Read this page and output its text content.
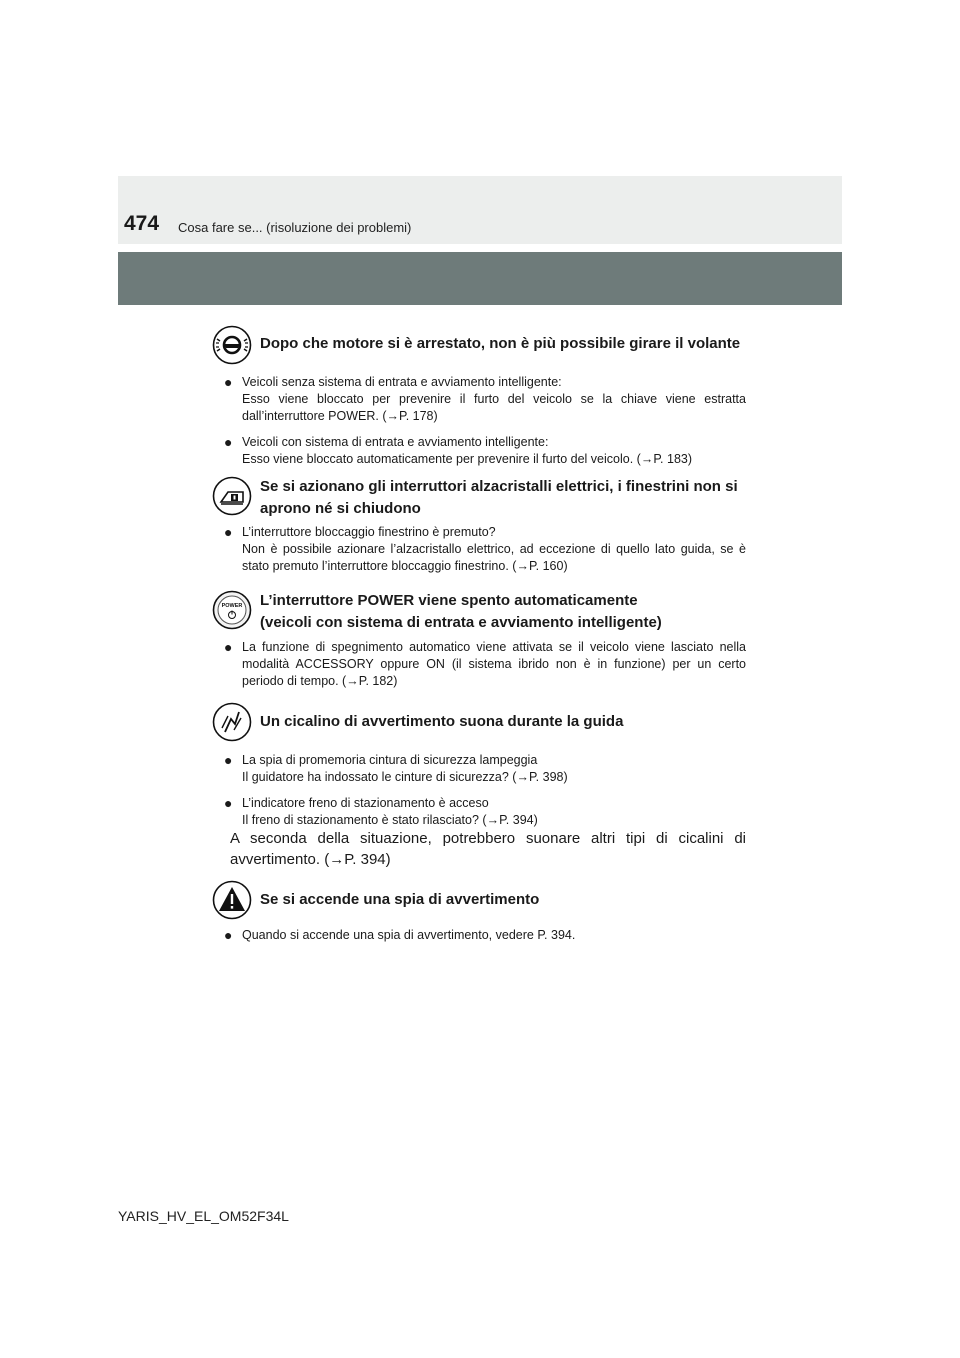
474 Cosa fare se... (risoluzione dei problemi)
Dopo che motore si è arrestato, non è più possibile girare il volante
● Veicoli senza sistema di entrata e avviamento intelligente:
Esso viene bloccato per prevenire il furto del veicolo se la chiave viene estratta dall’interruttore POWER. (→P. 178)
● Veicoli con sistema di entrata e avviamento intelligente:
Esso viene bloccato automaticamente per prevenire il furto del veicolo. (→P. 183)
Se si azionano gli interruttori alzacristalli elettrici, i finestrini non si aprono né si chiudono
● L’interruttore bloccaggio finestrino è premuto?
Non è possibile azionare l’alzacristallo elettrico, ad eccezione di quello lato guida, se è stato premuto l’interruttore bloccaggio finestrino. (→P. 160)
POWER L’interruttore POWER viene spento automaticamente
(veicoli con sistema di entrata e avviamento intelligente)
● La funzione di spegnimento automatico viene attivata se il veicolo viene lasciato nella modalità ACCESSORY oppure ON (il sistema ibrido non è in funzione) per un certo periodo di tempo. (→P. 182)
Un cicalino di avvertimento suona durante la guida
● La spia di promemoria cintura di sicurezza lampeggia
Il guidatore ha indossato le cinture di sicurezza? (→P. 398)
● L’indicatore freno di stazionamento è acceso
Il freno di stazionamento è stato rilasciato? (→P. 394)
A seconda della situazione, potrebbero suonare altri tipi di cicalini di avvertimento. (→P. 394)
Se si accende una spia di avvertimento
● Quando si accende una spia di avvertimento, vedere P. 394.
YARIS_HV_EL_OM52F34L
